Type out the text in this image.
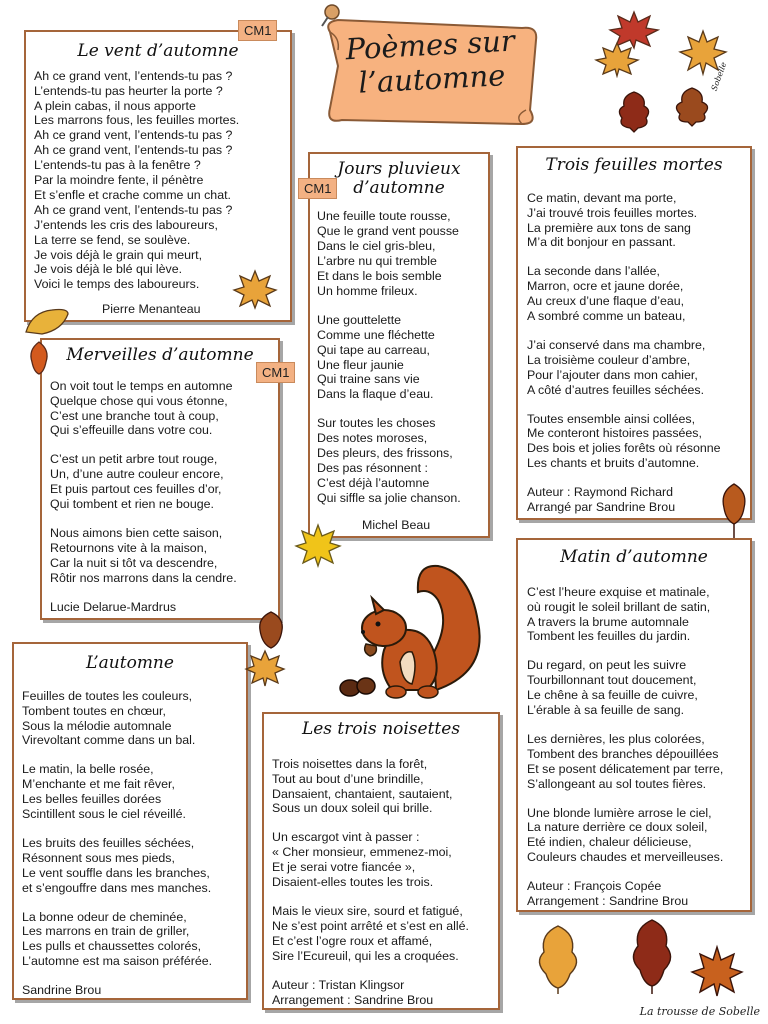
Poèmes sur
l’automne	Sobelle
Le vent d’automne
Ah ce grand vent, l’entends-tu pas ?
L’entends-tu pas heurter la porte ?
A plein cabas, il nous apporte
Les marrons fous, les feuilles mortes.
Ah ce grand vent, l’entends-tu pas ?
Ah ce grand vent, l’entends-tu pas ?
L’entends-tu pas à la fenêtre ?
Par la moindre fente, il pénètre
Et s’enfle et crache comme un chat.
Ah ce grand vent, l’entends-tu pas ?
J’entends les cris des laboureurs,
La terre se fend, se soulève.
Je vois déjà le grain qui meurt,
Je vois déjà le blé qui lève.
Voici le temps des laboureurs.
Pierre Menanteau
CM1
Jours pluvieux
d’automne
Une feuille toute rousse,
Que le grand vent pousse
Dans le ciel gris-bleu,
L’arbre nu qui tremble
Et dans le bois semble
Un homme frileux.
Une gouttelette
Comme une fléchette
Qui tape au carreau,
Une fleur jaunie
Qui traine sans vie
Dans la flaque d’eau.
Sur toutes les choses
Des notes moroses,
Des pleurs, des frissons,
Des pas résonnent :
C’est déjà l’automne
Qui siffle sa jolie chanson.
Michel Beau
CM1
Trois feuilles mortes
Ce matin, devant ma porte,
J’ai trouvé trois feuilles mortes.
La première aux tons de sang
M’a dit bonjour en passant.
La seconde dans l’allée,
Marron, ocre et jaune dorée,
Au creux d’une flaque d’eau,
A sombré comme un bateau,
J’ai conservé dans ma chambre,
La troisième couleur d’ambre,
Pour l’ajouter dans mon cahier,
A côté d’autres feuilles séchées.
Toutes ensemble ainsi collées,
Me conteront histoires passées,
Des bois et jolies forêts où résonne
Les chants et bruits d’automne.
Auteur : Raymond Richard
Arrangé par Sandrine Brou
Merveilles d’automne
On voit tout le temps en automne
Quelque chose qui vous étonne,
C’est une branche tout à coup,
Qui s’effeuille dans votre cou.
C’est un petit arbre tout rouge,
Un, d’une autre couleur encore,
Et puis partout ces feuilles d’or,
Qui tombent et rien ne bouge.
Nous aimons bien cette saison,
Retournons vite à la maison,
Car la nuit si tôt va descendre,
Rôtir nos marrons dans la cendre.
Lucie Delarue-Mardrus
CM1
Matin d’automne
C’est l’heure exquise et matinale,
où rougit le soleil brillant de satin,
A travers la brume automnale
Tombent les feuilles du jardin.
Du regard, on peut les suivre
Tourbillonnant tout doucement,
Le chêne à sa feuille de cuivre,
L’érable à sa feuille de sang.
Les dernières, les plus colorées,
Tombent des branches dépouillées
Et se posent délicatement par terre,
S’allongeant au sol toutes fières.
Une blonde lumière arrose le ciel,
La nature derrière ce doux soleil,
Eté indien, chaleur délicieuse,
Couleurs chaudes et merveilleuses.
Auteur : François Copée
Arrangement : Sandrine Brou
L’automne
Feuilles de toutes les couleurs,
Tombent toutes en chœur,
Sous la mélodie automnale
Virevoltant comme dans un bal.
Le matin, la belle rosée,
M’enchante et me fait rêver,
Les belles feuilles dorées
Scintillent sous le ciel réveillé.
Les bruits des feuilles séchées,
Résonnent sous mes pieds,
Le vent souffle dans les branches,
et s’engouffre dans mes manches.
La bonne odeur de cheminée,
Les marrons en train de griller,
Les pulls et chaussettes colorés,
L’automne est ma saison préférée.
Sandrine Brou
Les trois noisettes
Trois noisettes dans la forêt,
Tout au bout d’une brindille,
Dansaient, chantaient, sautaient,
Sous un doux soleil qui brille.
Un escargot vint à passer :
« Cher monsieur, emmenez-moi,
Et je serai votre fiancée »,
Disaient-elles toutes les trois.
Mais le vieux sire, sourd et fatigué,
Ne s’est point arrêté et s’est en allé.
Et c’est l’ogre roux et affamé,
Sire l’Ecureuil, qui les a croquées.
Auteur : Tristan Klingsor
Arrangement : Sandrine Brou
La trousse de Sobelle
